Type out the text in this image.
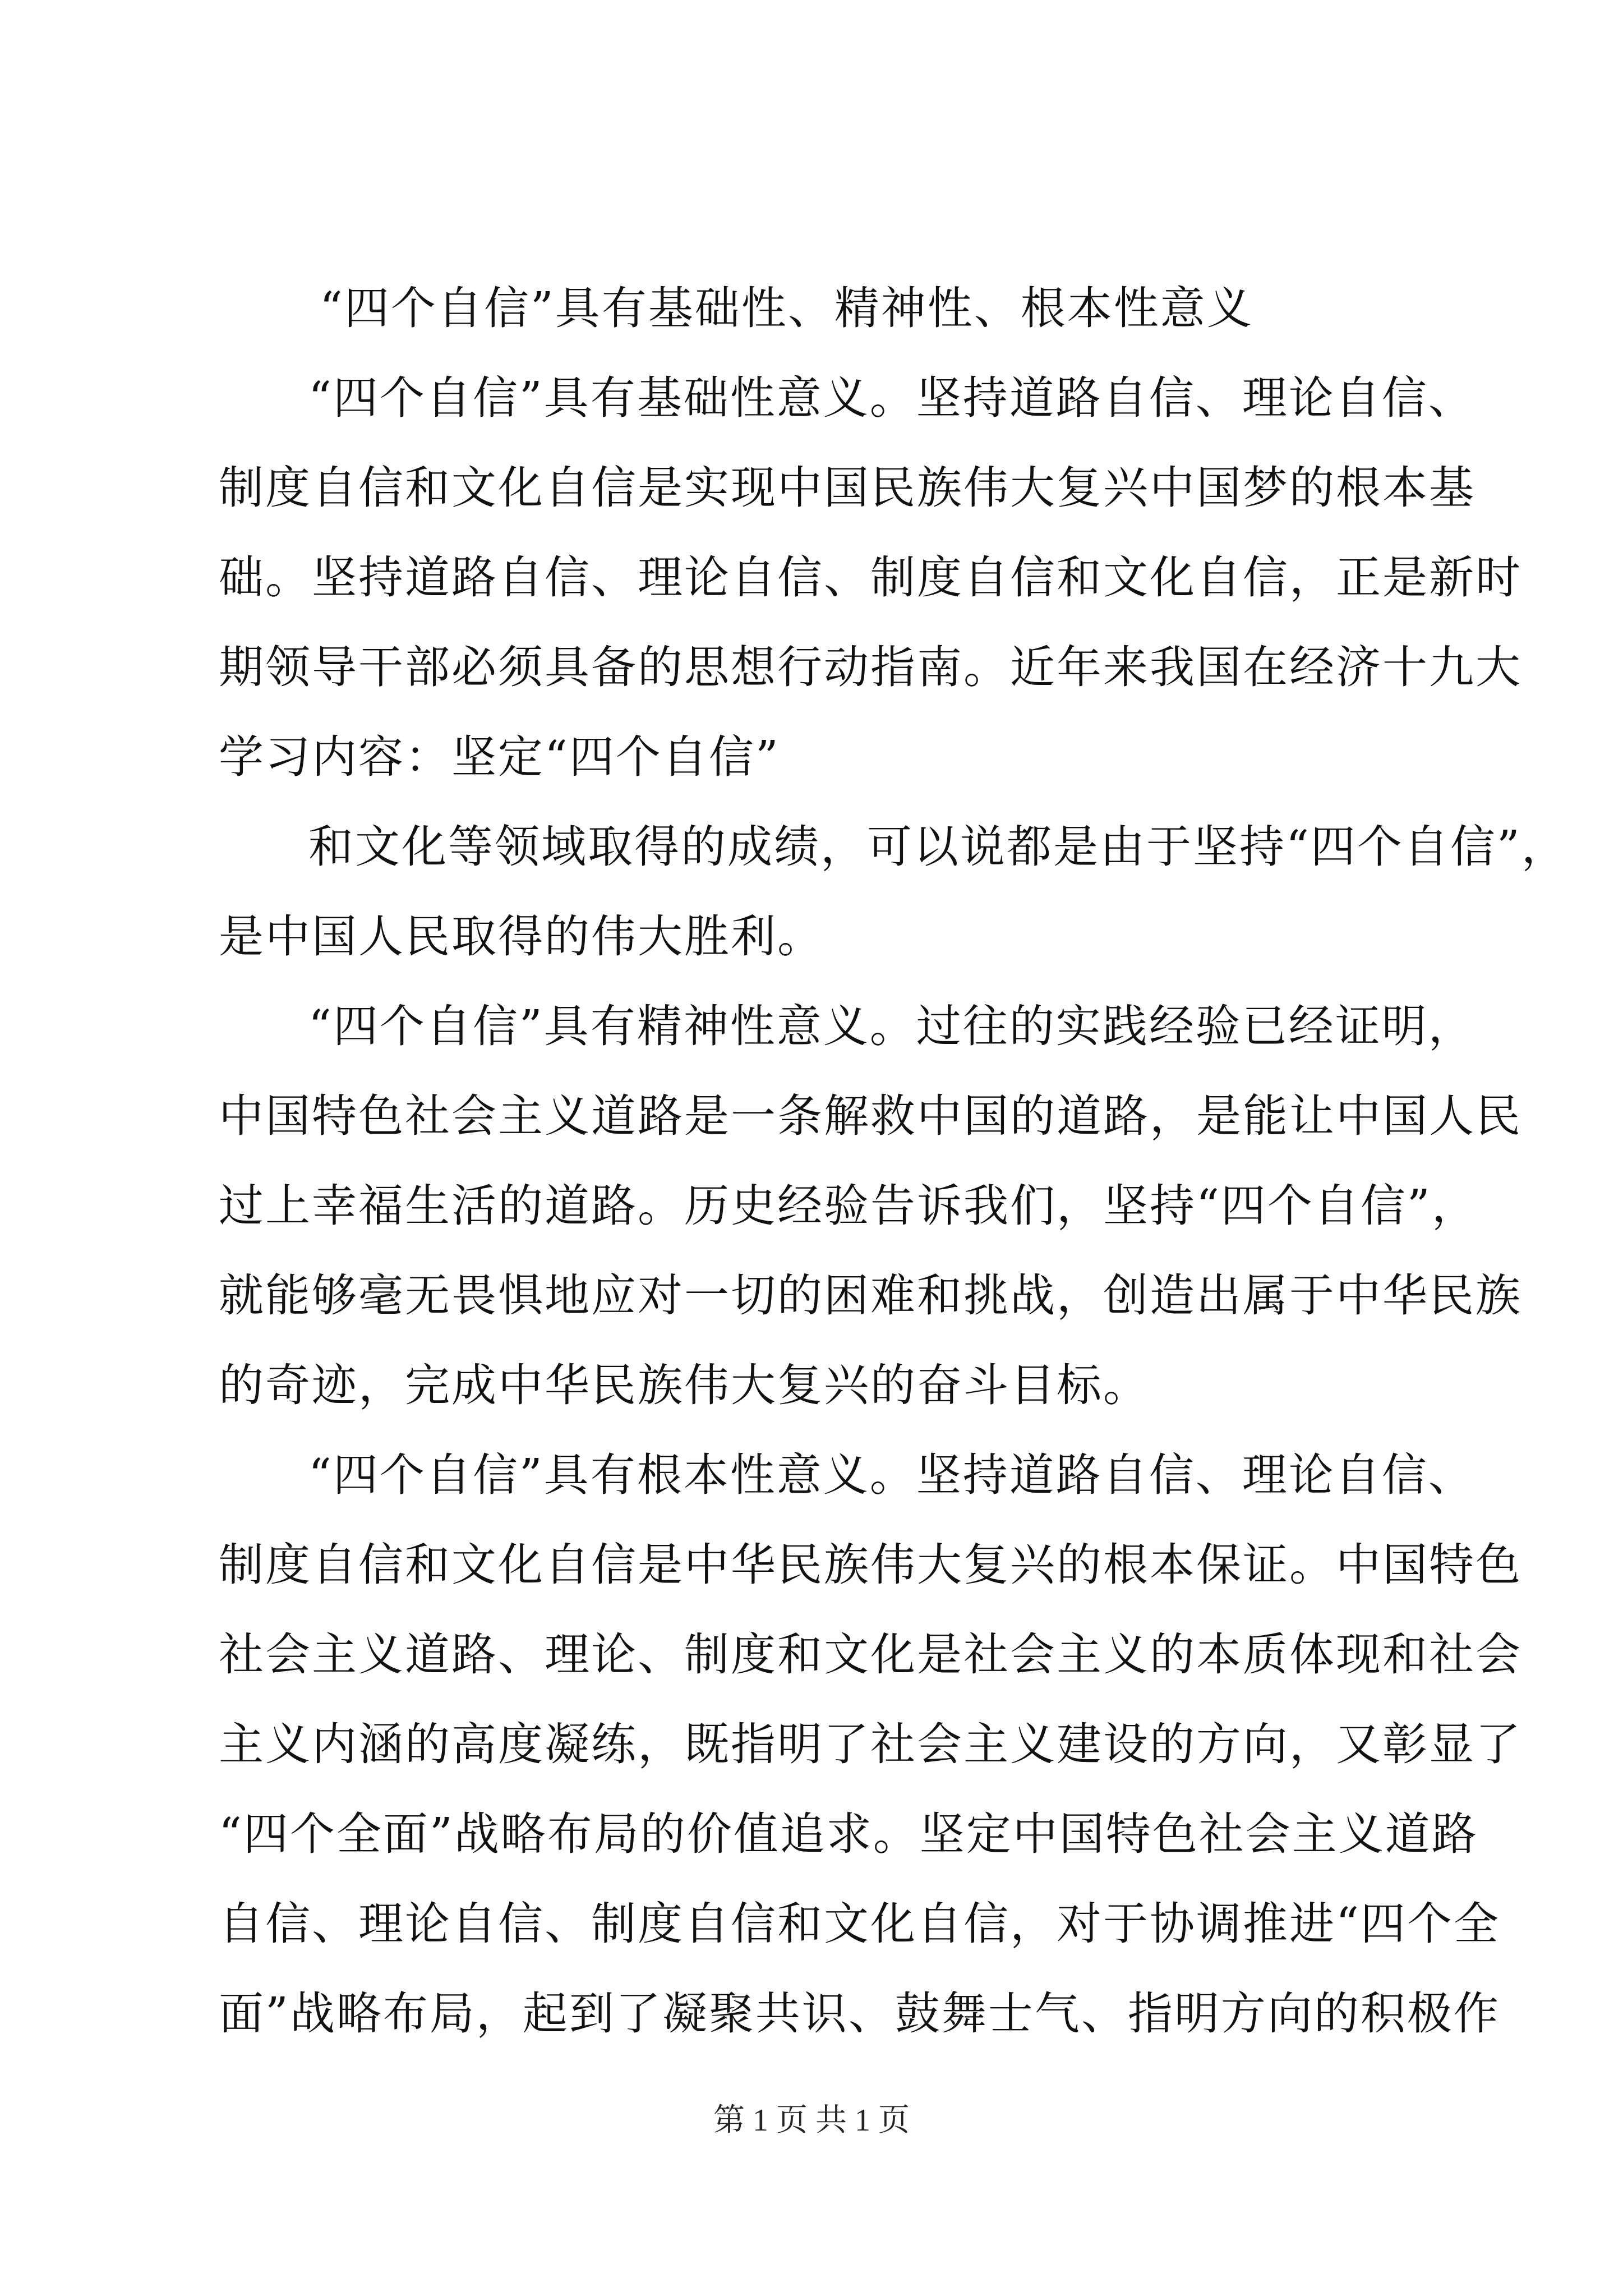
“四个自信”具有基础性、精神性、根本性意义
“四个自信”具有基础性意义。坚持道路自信、理论自信、
制度自信和文化自信是实现中国民族伟大复兴中国梦的根本基
础。坚持道路自信、理论自信、制度自信和文化自信，正是新时
期领导干部必须具备的思想行动指南。近年来我国在经济十九大
学习内容：坚定“四个自信”
和文化等领域取得的成绩，可以说都是由于坚持“四个自信”，
是中国人民取得的伟大胜利。
“四个自信”具有精神性意义。过往的实践经验已经证明，
中国特色社会主义道路是一条解救中国的道路，是能让中国人民
过上幸福生活的道路。历史经验告诉我们，坚持“四个自信”，
就能够毫无畏惧地应对一切的困难和挑战，创造出属于中华民族
的奇迹，完成中华民族伟大复兴的奋斗目标。
“四个自信”具有根本性意义。坚持道路自信、理论自信、
制度自信和文化自信是中华民族伟大复兴的根本保证。中国特色
社会主义道路、理论、制度和文化是社会主义的本质体现和社会
主义内涵的高度凝练，既指明了社会主义建设的方向，又彰显了
“四个全面”战略布局的价值追求。坚定中国特色社会主义道路
自信、理论自信、制度自信和文化自信，对于协调推进“四个全
面”战略布局，起到了凝聚共识、鼓舞士气、指明方向的积极作
第 1 页 共 1 页
